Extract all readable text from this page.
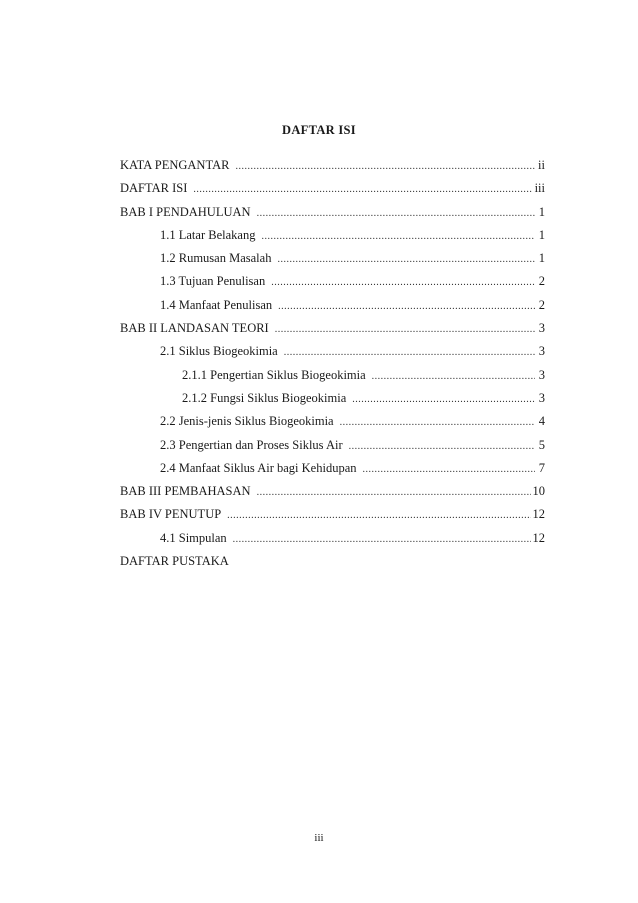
DAFTAR ISI
KATA PENGANTAR .....	ii
DAFTAR ISI .....	iii
BAB I PENDAHULUAN .....	1
1.1 Latar Belakang .....	1
1.2 Rumusan Masalah .....	1
1.3 Tujuan Penulisan .....	2
1.4 Manfaat Penulisan .....	2
BAB II LANDASAN TEORI .....	3
2.1 Siklus Biogeokimia .....	3
2.1.1 Pengertian Siklus Biogeokimia .....	3
2.1.2 Fungsi Siklus Biogeokimia .....	3
2.2 Jenis-jenis Siklus Biogeokimia .....	4
2.3 Pengertian dan Proses Siklus Air .....	5
2.4 Manfaat Siklus Air bagi Kehidupan .....	7
BAB III PEMBAHASAN .....	10
BAB IV PENUTUP .....	12
4.1 Simpulan .....	12
DAFTAR PUSTAKA
iii
